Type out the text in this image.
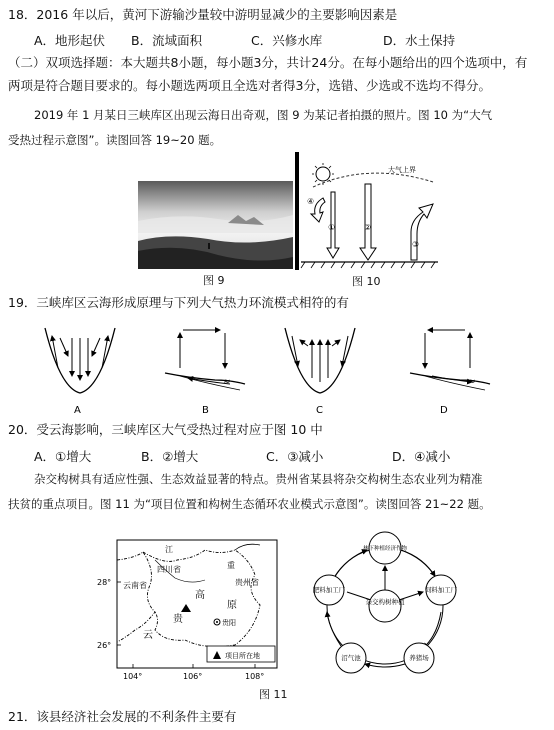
18．2016 年以后，黄河下游输沙量较中游明显减少的主要影响因素是
A．地形起伏 B．流域面积	C．兴修水库	D．水土保持
（二）双项选择题：本大题共8小题，每小题3分，共计24分。在每小题给出的四个选项中，有
两项是符合题目要求的。每小题选两项且全选对者得3分，选错、少选或不选均不得分。
2019 年 1 月某日三峡库区出现云海日出奇观，图 9 为某记者拍摄的照片。图 10 为“大气
受热过程示意图”。读图回答 19~20 题。
图 9
大气上界
①	②
③
④
图 10
19．三峡库区云海形成原理与下列大气热力环流模式相符的有
≈	≈
A	B	C	D
20．受云海影响，三峡库区大气受热过程对应于图 10 中
A．①增大	B．②增大	C．③减小	D．④减小
杂交构树具有适应性强、生态效益显著的特点。贵州省某县将杂交构树生态农业列为精准
扶贫的重点项目。图 11 为“项目位置和构树生态循环农业模式示意图”。读图回答 21~22 题。
江
四川省	重
云南省	贵州省
高
原
贵
云
贵阳
项目所在地
28°
26°
104°	106°	108°
杂交构树种植
林下种植经济作物
饲料加工厂
养猪场
沼气池
肥料加工厂
图 11
21．该县经济社会发展的不利条件主要有
